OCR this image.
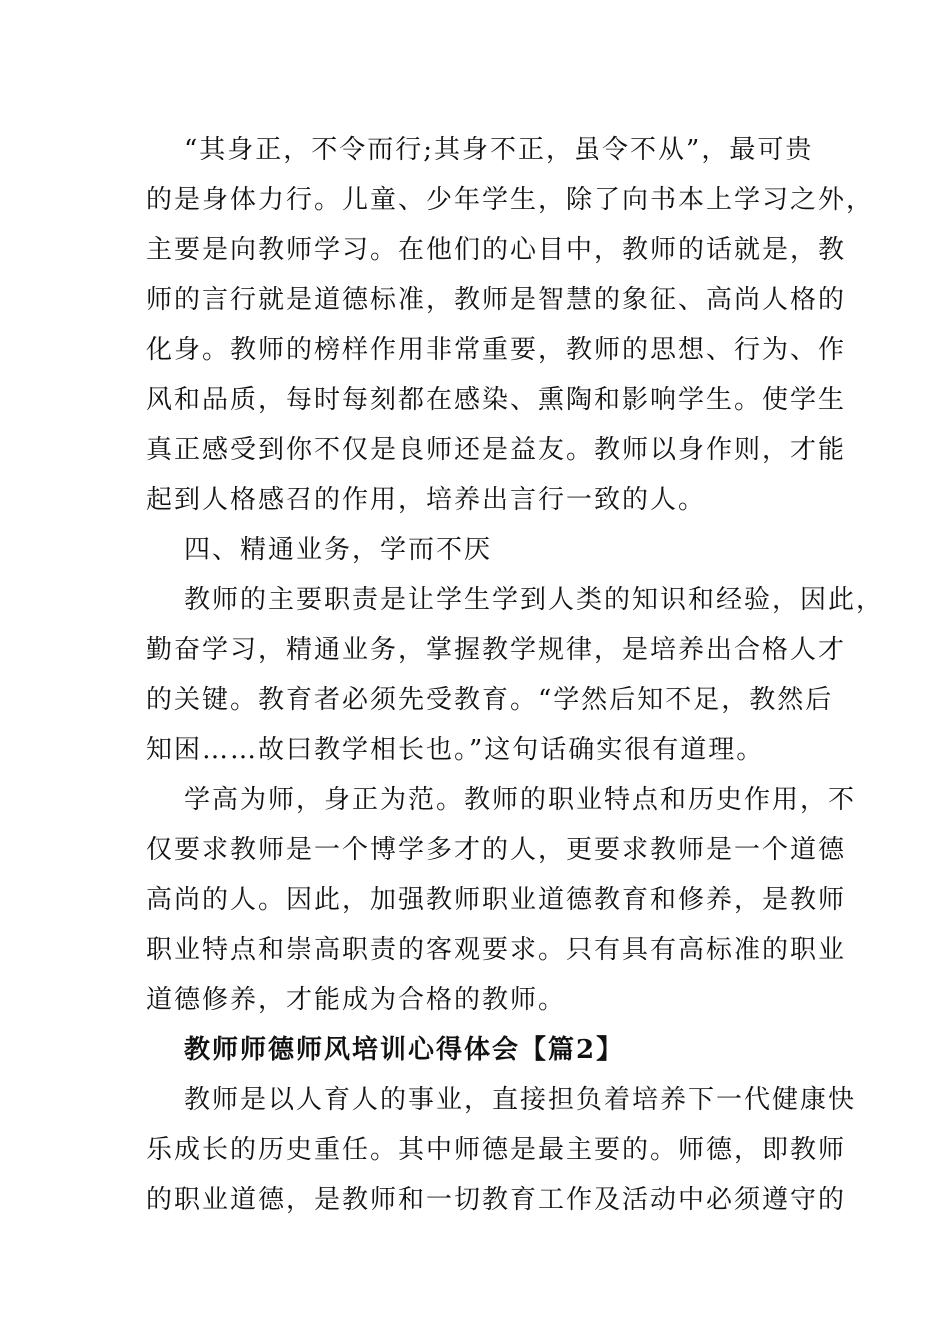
“其身正，不令而行;其身不正，虽令不从”，最可贵
的是身体力行。儿童、少年学生，除了向书本上学习之外，
主要是向教师学习。在他们的心目中，教师的话就是，教
师的言行就是道德标准，教师是智慧的象征、高尚人格的
化身。教师的榜样作用非常重要，教师的思想、行为、作
风和品质，每时每刻都在感染、熏陶和影响学生。使学生
真正感受到你不仅是良师还是益友。教师以身作则，才能
起到人格感召的作用，培养出言行一致的人。
四、精通业务，学而不厌
教师的主要职责是让学生学到人类的知识和经验，因此，
勤奋学习，精通业务，掌握教学规律，是培养出合格人才
的关键。教育者必须先受教育。“学然后知不足，教然后
知困……故曰教学相长也。”这句话确实很有道理。
学高为师，身正为范。教师的职业特点和历史作用，不
仅要求教师是一个博学多才的人，更要求教师是一个道德
高尚的人。因此，加强教师职业道德教育和修养，是教师
职业特点和崇高职责的客观要求。只有具有高标准的职业
道德修养，才能成为合格的教师。
教师师德师风培训心得体会【篇2】
教师是以人育人的事业，直接担负着培养下一代健康快
乐成长的历史重任。其中师德是最主要的。师德，即教师
的职业道德，是教师和一切教育工作及活动中必须遵守的
